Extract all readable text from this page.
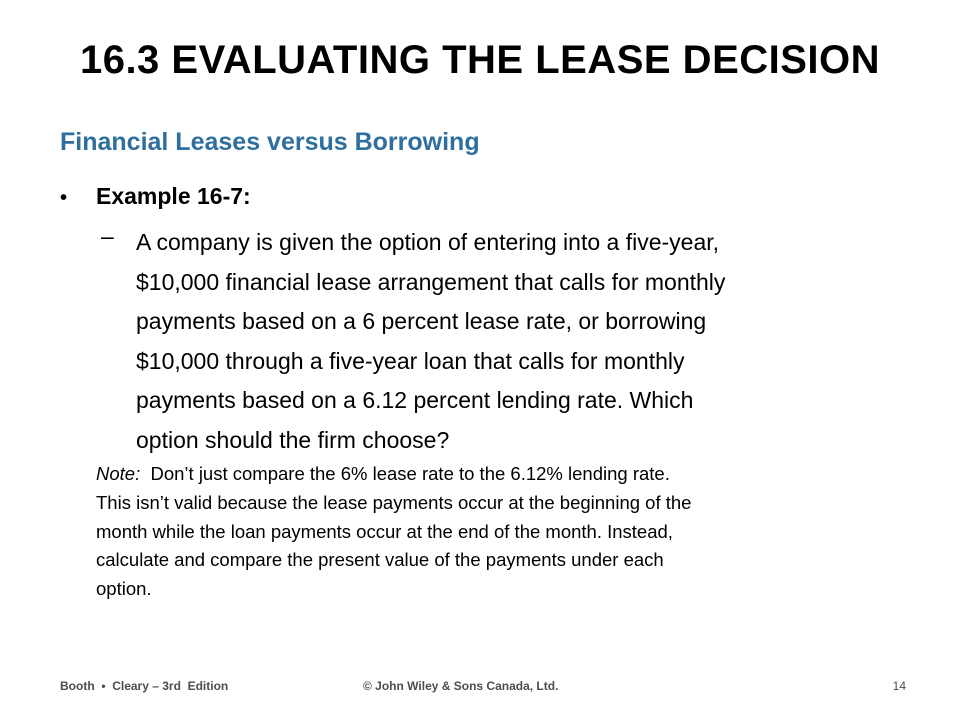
16.3 EVALUATING THE LEASE DECISION
Financial Leases versus Borrowing
• Example 16-7:
– A company is given the option of entering into a five-year,
$10,000 financial lease arrangement that calls for monthly
payments based on a 6 percent lease rate, or borrowing
$10,000 through a five-year loan that calls for monthly
payments based on a 6.12 percent lending rate. Which
option should the firm choose?
Note:  Don’t just compare the 6% lease rate to the 6.12% lending rate.
This isn’t valid because the lease payments occur at the beginning of the
month while the loan payments occur at the end of the month. Instead,
calculate and compare the present value of the payments under each
option.
Booth  •  Cleary – 3rd  Edition	© John Wiley & Sons Canada, Ltd.	14
